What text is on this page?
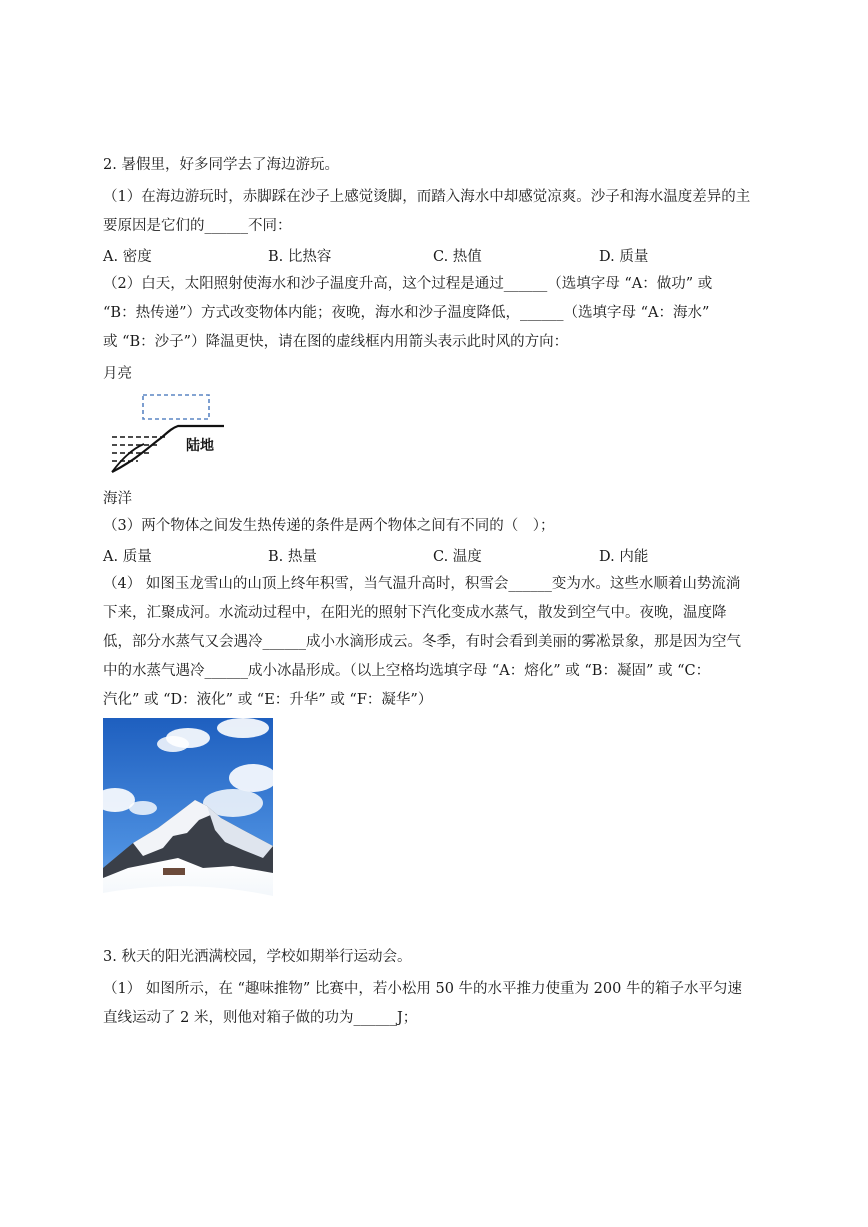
2. 暑假里，好多同学去了海边游玩。
（1）在海边游玩时，赤脚踩在沙子上感觉烫脚，而踏入海水中却感觉凉爽。沙子和海水温度差异的主
要原因是它们的______不同：
A. 密度	B. 比热容	C. 热值	D. 质量
（2）白天，太阳照射使海水和沙子温度升高，这个过程是通过______（选填字母 “A：做功” 或
“B：热传递”）方式改变物体内能；夜晚，海水和沙子温度降低，______（选填字母 “A：海水”
或 “B：沙子”）降温更快，请在图的虚线框内用箭头表示此时风的方向：
月亮
陆地
海洋
（3）两个物体之间发生热传递的条件是两个物体之间有不同的（　）；
A. 质量	B. 热量	C. 温度	D. 内能
（4） 如图玉龙雪山的山顶上终年积雪，当气温升高时，积雪会______变为水。这些水顺着山势流淌
下来，汇聚成河。水流动过程中，在阳光的照射下汽化变成水蒸气，散发到空气中。夜晚，温度降
低，部分水蒸气又会遇冷______成小水滴形成云。冬季，有时会看到美丽的雾凇景象，那是因为空气
中的水蒸气遇冷______成小冰晶形成。（以上空格均选填字母 “A：熔化” 或 “B：凝固” 或 “C：
汽化” 或 “D：液化” 或 “E：升华” 或 “F：凝华”）
3. 秋天的阳光洒满校园，学校如期举行运动会。
（1） 如图所示，在 “趣味推物” 比赛中，若小松用 50 牛的水平推力使重为 200 牛的箱子水平匀速
直线运动了 2 米，则他对箱子做的功为______J；
